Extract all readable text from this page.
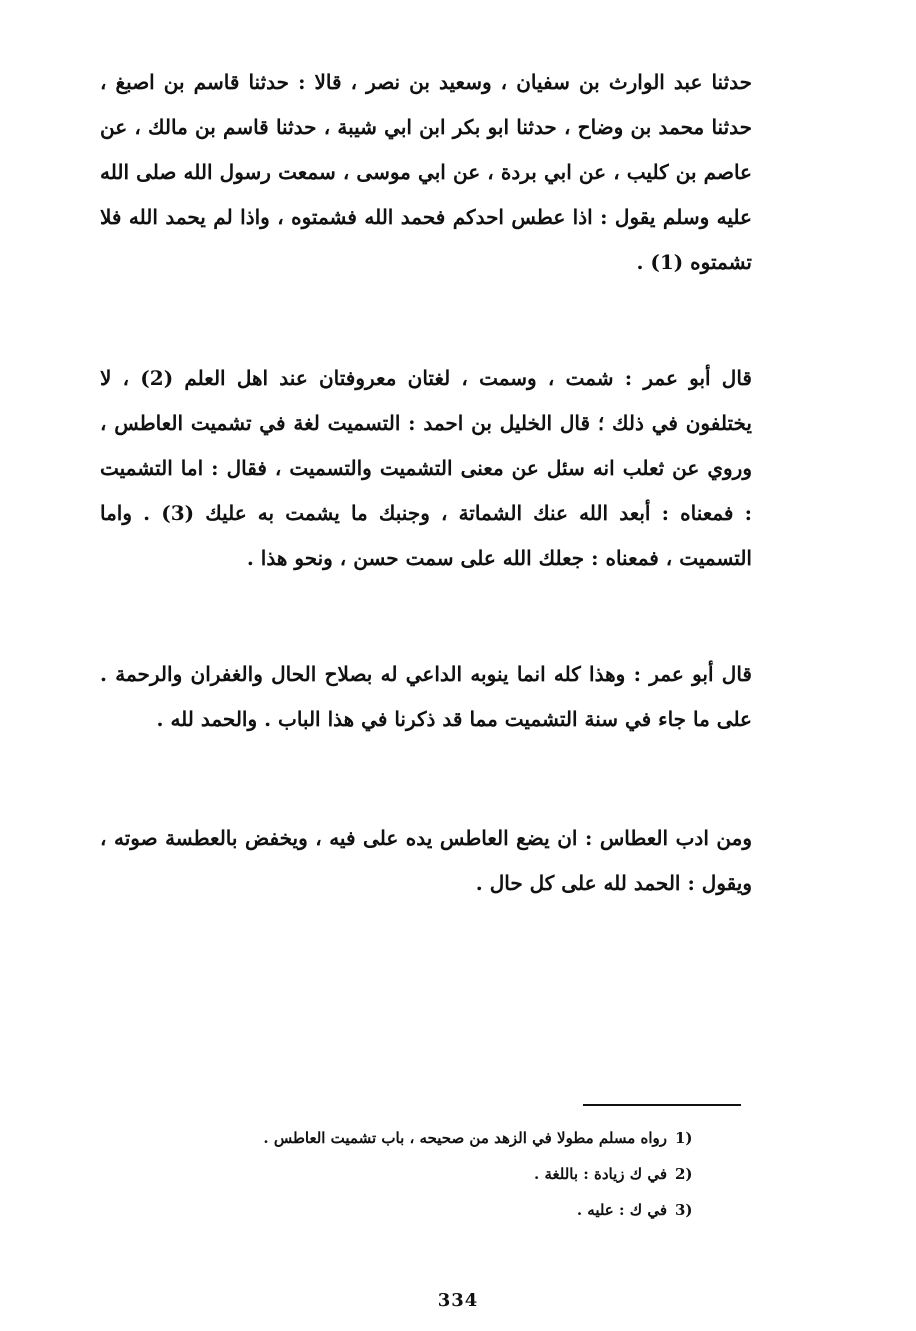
حدثنا عبد الوارث بن سفيان ، وسعيد بن نصر ، قالا : حدثنا قاسم بن اصبغ ، حدثنا محمد بن وضاح ، حدثنا ابو بكر ابن ابي شيبة ، حدثنا قاسم بن مالك ، عن عاصم بن كليب ، عن ابي بردة ، عن ابي موسى ، سمعت رسول الله صلى الله عليه وسلم يقول : اذا عطس احدكم فحمد الله فشمتوه ، واذا لم يحمد الله فلا تشمتوه (1) .

قال أبو عمر : شمت ، وسمت ، لغتان معروفتان عند اهل العلم (2) ، لا يختلفون في ذلك ؛ قال الخليل بن احمد : التسميت لغة في تشميت العاطس ، وروي عن ثعلب انه سئل عن معنى التشميت والتسميت ، فقال : اما التشميت : فمعناه : أبعد الله عنك الشماتة ، وجنبك ما يشمت به عليك (3) . واما التسميت ، فمعناه : جعلك الله على سمت حسن ، ونحو هذا .

قال أبو عمر : وهذا كله انما ينوبه الداعي له بصلاح الحال والغفران والرحمة . على ما جاء في سنة التشميت مما قد ذكرنا في هذا الباب . والحمد لله .

ومن ادب العطاس : ان يضع العاطس يده على فيه ، ويخفض بالعطسة صوته ، ويقول : الحمد لله على كل حال .

1)
رواه مسلم مطولا في الزهد من صحيحه ، باب تشميت العاطس .
2)
في ك زيادة : باللغة .
3)
في ك : عليه .
334
